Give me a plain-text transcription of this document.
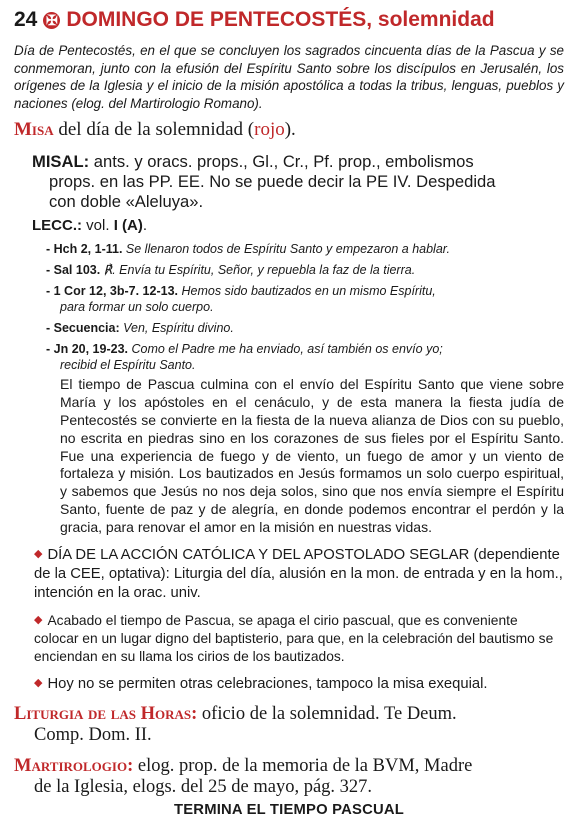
24 ✠ DOMINGO DE PENTECOSTÉS, solemnidad

Día de Pentecostés, en el que se concluyen los sagrados cincuenta días de la Pascua y se conmemoran, junto con la efusión del Espíritu Santo sobre los discípulos en Jerusalén, los orígenes de la Iglesia y el inicio de la misión apostólica a todas la tribus, lenguas, pueblos y naciones (elog. del Martirologio Romano).

Misa del día de la solemnidad (rojo).
MISAL: ants. y oracs. props., Gl., Cr., Pf. prop., embolismos
props. en las PP. EE. No se puede decir la PE IV. Despedida
con doble «Aleluya».
LECC.: vol. I (A).
- Hch 2, 1-11. Se llenaron todos de Espíritu Santo y empezaron a hablar.
- Sal 103. ℟. Envía tu Espíritu, Señor, y repuebla la faz de la tierra.
- 1 Cor 12, 3b-7. 12-13. Hemos sido bautizados en un mismo Espíritu,
para formar un solo cuerpo.
- Secuencia: Ven, Espíritu divino.
- Jn 20, 19-23. Como el Padre me ha enviado, así también os envío yo;
recibid el Espíritu Santo.

El tiempo de Pascua culmina con el envío del Espíritu Santo que viene sobre María y los apóstoles en el cenáculo, y de esta manera la fiesta judía de Pentecostés se convierte en la fiesta de la nueva alianza de Dios con su pueblo, no escrita en piedras sino en los corazones de sus fieles por el Espíritu Santo. Fue una experiencia de fuego y de viento, un fuego de amor y un viento de fortaleza y misión. Los bautizados en Jesús formamos un solo cuerpo espiritual, y sabemos que Jesús no nos deja solos, sino que nos envía siempre el Espíritu Santo, fuente de paz y de alegría, en donde podemos encontrar el perdón y la gracia, para renovar el amor en la misión en nuestras vidas.

◆ DÍA DE LA ACCIÓN CATÓLICA Y DEL APOSTOLADO SEGLAR (dependiente de la CEE, optativa): Liturgia del día, alusión en la mon. de entrada y en la hom., intención en la orac. univ.
◆ Acabado el tiempo de Pascua, se apaga el cirio pascual, que es conveniente colocar en un lugar digno del baptisterio, para que, en la celebración del bautismo se enciendan en su llama los cirios de los bautizados.
◆ Hoy no se permiten otras celebraciones, tampoco la misa exequial.
Liturgia de las Horas: oficio de la solemnidad. Te Deum.
Comp. Dom. II.
Martirologio: elog. prop. de la memoria de la BVM, Madre
de la Iglesia, elogs. del 25 de mayo, pág. 327.
TERMINA EL TIEMPO PASCUAL
